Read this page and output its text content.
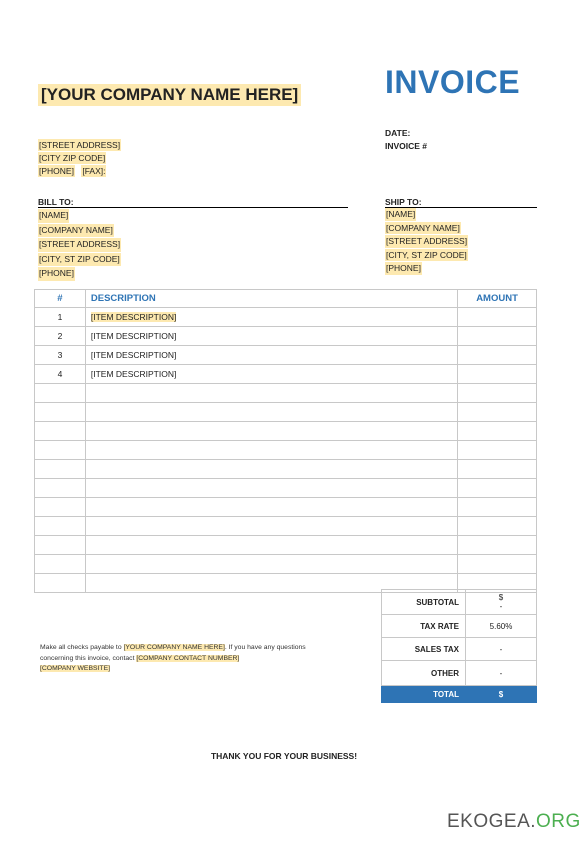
[YOUR COMPANY NAME HERE]	INVOICE
[STREET ADDRESS]
[CITY ZIP CODE]
[PHONE] [FAX]:
DATE:
INVOICE #
BILL TO:
[NAME]
[COMPANY NAME]
[STREET ADDRESS]
[CITY, ST ZIP CODE]
[PHONE]
SHIP TO:
[NAME]
[COMPANY NAME]
[STREET ADDRESS]
[CITY, ST ZIP CODE]
[PHONE]
#	DESCRIPTION	AMOUNT
1	[ITEM DESCRIPTION]	
2	[ITEM DESCRIPTION]	
3	[ITEM DESCRIPTION]	
4	[ITEM DESCRIPTION]	

SUBTOTAL	$
-

TAX RATE	5.60%
SALES TAX	-
OTHER	-
TOTAL	$
Make all checks payable to [YOUR COMPANY NAME HERE]. If you have any questions concerning this invoice, contact [COMPANY CONTACT NUMBER]
[COMPANY WEBSITE]
THANK YOU FOR YOUR BUSINESS!
EKOGEA.ORG
